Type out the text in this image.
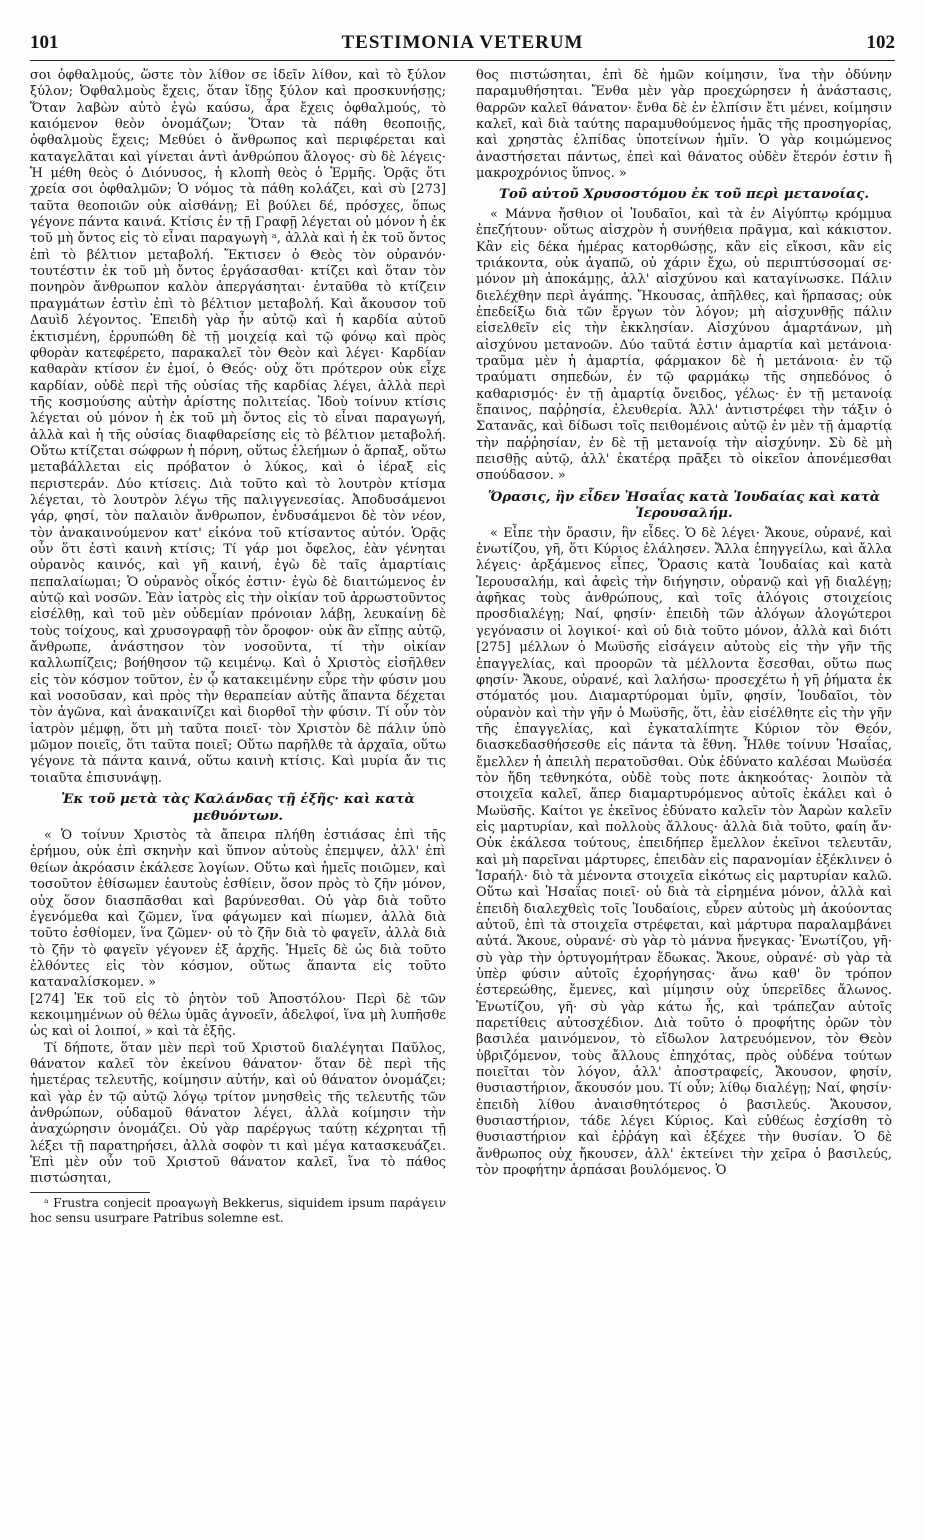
101	TESTIMONIA VETERUM	102

σοι ὀφθαλμούς, ὥστε τὸν λίθον σε ἰδεῖν λίθον, καὶ τὸ ξύλον ξύλον; Ὀφθαλμοὺς ἔχεις, ὅταν ἴδῃς ξύλον καὶ προσκυνήσῃς; Ὅταν λαβὼν αὐτὸ ἐγὼ καύσω, ἆρα ἔχεις ὀφθαλμούς, τὸ καιόμενον θεὸν ὀνομάζων; Ὅταν τὰ πάθη θεοποιῇς, ὀφθαλμοὺς ἔχεις; Μεθύει ὁ ἄνθρωπος καὶ περιφέρεται καὶ καταγελᾶται καὶ γίνεται ἀντὶ ἀνθρώπου ἄλογος· σὺ δὲ λέγεις· Ἡ μέθη θεὸς ὁ Διόνυσος, ἡ κλοπὴ θεὸς ὁ Ἑρμῆς. Ὁρᾷς ὅτι χρεία σοι ὀφθαλμῶν; Ὁ νόμος τὰ πάθη κολάζει, καὶ σὺ [273] ταῦτα θεοποιῶν οὐκ αἰσθάνῃ; Εἰ βούλει δέ, πρόσχες, ὅπως γέγονε πάντα καινά. Κτίσις ἐν τῇ Γραφῇ λέγεται οὐ μόνον ἡ ἐκ τοῦ μὴ ὄντος εἰς τὸ εἶναι παραγωγὴ ᵃ, ἀλλὰ καὶ ἡ ἐκ τοῦ ὄντος ἐπὶ τὸ βέλτιον μεταβολή. Ἔκτισεν ὁ Θεὸς τὸν οὐρανόν· τουτέστιν ἐκ τοῦ μὴ ὄντος ἐργάσασθαι· κτίζει καὶ ὅταν τὸν πονηρὸν ἄνθρωπον καλὸν ἀπεργάσηται· ἐνταῦθα τὸ κτίζειν πραγμάτων ἐστὶν ἐπὶ τὸ βέλτιον μεταβολή. Καὶ ἄκουσον τοῦ Δαυὶδ λέγοντος. Ἐπειδὴ γὰρ ἦν αὐτῷ καὶ ἡ καρδία αὐτοῦ ἐκτισμένη, ἐρρυπώθη δὲ τῇ μοιχείᾳ καὶ τῷ φόνῳ καὶ πρὸς φθορὰν κατεφέρετο, παρακαλεῖ τὸν Θεὸν καὶ λέγει· Καρδίαν καθαρὰν κτίσον ἐν ἐμοί, ὁ Θεός· οὐχ ὅτι πρότερον οὐκ εἶχε καρδίαν, οὐδὲ περὶ τῆς οὐσίας τῆς καρδίας λέγει, ἀλλὰ περὶ τῆς κοσμούσης αὐτὴν ἀρίστης πολιτείας. Ἰδοὺ τοίνυν κτίσις λέγεται οὐ μόνον ἡ ἐκ τοῦ μὴ ὄντος εἰς τὸ εἶναι παραγωγή, ἀλλὰ καὶ ἡ τῆς οὐσίας διαφθαρείσης εἰς τὸ βέλτιον μεταβολή. Οὕτω κτίζεται σώφρων ἡ πόρνη, οὕτως ἐλεήμων ὁ ἅρπαξ, οὕτω μεταβάλλεται εἰς πρόβατον ὁ λύκος, καὶ ὁ ἱέραξ εἰς περιστεράν. Δύο κτίσεις. Διὰ τοῦτο καὶ τὸ λουτρὸν κτίσμα λέγεται, τὸ λουτρὸν λέγω τῆς παλιγγενεσίας. Ἀποδυσάμενοι γάρ, φησί, τὸν παλαιὸν ἄνθρωπον, ἐνδυσάμενοι δὲ τὸν νέον, τὸν ἀνακαινούμενον κατ' εἰκόνα τοῦ κτίσαντος αὐτόν. Ὁρᾷς οὖν ὅτι ἐστὶ καινὴ κτίσις; Τί γάρ μοι ὄφελος, ἐὰν γένηται οὐρανὸς καινός, καὶ γῆ καινή, ἐγὼ δὲ ταῖς ἁμαρτίαις πεπαλαίωμαι; Ὁ οὐρανὸς οἶκός ἐστιν· ἐγὼ δὲ διαιτώμενος ἐν αὐτῷ καὶ νοσῶν. Ἐὰν ἰατρὸς εἰς τὴν οἰκίαν τοῦ ἀρρωστοῦντος εἰσέλθῃ, καὶ τοῦ μὲν οὐδεμίαν πρόνοιαν λάβῃ, λευκαίνῃ δὲ τοὺς τοίχους, καὶ χρυσογραφῇ τὸν ὄροφον· οὐκ ἂν εἴπῃς αὐτῷ, ἄνθρωπε, ἀνάστησον τὸν νοσοῦντα, τί τὴν οἰκίαν καλλωπίζεις; βοήθησον τῷ κειμένῳ. Καὶ ὁ Χριστὸς εἰσῆλθεν εἰς τὸν κόσμον τοῦτον, ἐν ᾧ κατακειμένην εὗρε τὴν φύσιν μου καὶ νοσοῦσαν, καὶ πρὸς τὴν θεραπείαν αὐτῆς ἅπαντα δέχεται τὸν ἀγῶνα, καὶ ἀνακαινίζει καὶ διορθοῖ τὴν φύσιν. Τί οὖν τὸν ἰατρὸν μέμφῃ, ὅτι μὴ ταῦτα ποιεῖ· τὸν Χριστὸν δὲ πάλιν ὑπὸ μῶμον ποιεῖς, ὅτι ταῦτα ποιεῖ; Οὕτω παρῆλθε τὰ ἀρχαῖα, οὕτω γέγονε τὰ πάντα καινά, οὕτω καινὴ κτίσις. Καὶ μυρία ἄν τις τοιαῦτα ἐπισυνάψῃ.

Ἐκ τοῦ μετὰ τὰς Καλάνδας τῇ ἑξῆς· καὶ κατὰ μεθυόντων.

« Ὁ τοίνυν Χριστὸς τὰ ἄπειρα πλήθη ἑστιάσας ἐπὶ τῆς ἐρήμου, οὐκ ἐπὶ σκηνὴν καὶ ὕπνον αὐτοὺς ἐπεμψεν, ἀλλ' ἐπὶ θείων ἀκρόασιν ἐκάλεσε λογίων. Οὕτω καὶ ἡμεῖς ποιῶμεν, καὶ τοσοῦτον ἐθίσωμεν ἑαυτοὺς ἐσθίειν, ὅσον πρὸς τὸ ζῆν μόνον, οὐχ ὅσον διασπᾶσθαι καὶ βαρύνεσθαι. Οὐ γὰρ διὰ τοῦτο ἐγενόμεθα καὶ ζῶμεν, ἵνα φάγωμεν καὶ πίωμεν, ἀλλὰ διὰ τοῦτο ἐσθίομεν, ἵνα ζῶμεν· οὐ τὸ ζῆν διὰ τὸ φαγεῖν, ἀλλὰ διὰ τὸ ζῆν τὸ φαγεῖν γέγονεν ἐξ ἀρχῆς. Ἡμεῖς δὲ ὡς διὰ τοῦτο ἐλθόντες εἰς τὸν κόσμον, οὕτως ἅπαντα εἰς τοῦτο καταναλίσκομεν. »

[274] Ἐκ τοῦ εἰς τὸ ῥητὸν τοῦ Ἀποστόλου· Περὶ δὲ τῶν κεκοιμημένων οὐ θέλω ὑμᾶς ἀγνοεῖν, ἀδελφοί, ἵνα μὴ λυπῆσθε ὡς καὶ οἱ λοιποί, » καὶ τὰ ἑξῆς.

Τί δήποτε, ὅταν μὲν περὶ τοῦ Χριστοῦ διαλέγηται Παῦλος, θάνατον καλεῖ τὸν ἐκείνου θάνατον· ὅταν δὲ περὶ τῆς ἡμετέρας τελευτῆς, κοίμησιν αὐτήν, καὶ οὐ θάνατον ὀνομάζει; καὶ γὰρ ἐν τῷ αὐτῷ λόγῳ τρίτον μνησθεὶς τῆς τελευτῆς τῶν ἀνθρώπων, οὐδαμοῦ θάνατον λέγει, ἀλλὰ κοίμησιν τὴν ἀναχώρησιν ὀνομάζει. Οὐ γὰρ παρέργως ταύτῃ κέχρηται τῇ λέξει τῇ παρατηρήσει, ἀλλὰ σοφὸν τι καὶ μέγα κατασκευάζει. Ἐπὶ μὲν οὖν τοῦ Χριστοῦ θάνατον καλεῖ, ἵνα τὸ πάθος πιστώσηται,

ᵃ Frustra conjecit προαγωγὴ Bekkerus, siquidem ipsum παράγειν hoc sensu usurpare Patribus solemne est.

θος πιστώσηται, ἐπὶ δὲ ἡμῶν κοίμησιν, ἵνα τὴν ὀδύνην παραμυθήσηται. Ἔνθα μὲν γὰρ προεχώρησεν ἡ ἀνάστασις, θαρρῶν καλεῖ θάνατον· ἔνθα δὲ ἐν ἐλπίσιν ἔτι μένει, κοίμησιν καλεῖ, καὶ διὰ ταύτης παραμυθούμενος ἡμᾶς τῆς προσηγορίας, καὶ χρηστὰς ἐλπίδας ὑποτείνων ἡμῖν. Ὁ γὰρ κοιμώμενος ἀναστήσεται πάντως, ἐπεὶ καὶ θάνατος οὐδὲν ἕτερόν ἐστιν ἢ μακροχρόνιος ὕπνος. »

Τοῦ αὐτοῦ Χρυσοστόμου ἐκ τοῦ περὶ μετανοίας.

« Μάννα ἤσθιον οἱ Ἰουδαῖοι, καὶ τὰ ἐν Αἰγύπτῳ κρόμμυα ἐπεζήτουν· οὕτως αἰσχρὸν ἡ συνήθεια πρᾶγμα, καὶ κάκιστον. Κἂν εἰς δέκα ἡμέρας κατορθώσῃς, κἂν εἰς εἴκοσι, κἂν εἰς τριάκοντα, οὐκ ἀγαπῶ, οὐ χάριν ἔχω, οὐ περιπτύσσομαί σε· μόνον μὴ ἀποκάμῃς, ἀλλ' αἰσχύνου καὶ καταγίνωσκε. Πάλιν διελέχθην περὶ ἀγάπης. Ἤκουσας, ἀπῆλθες, καὶ ἥρπασας; οὐκ ἐπεδείξω διὰ τῶν ἔργων τὸν λόγον; μὴ αἰσχυνθῇς πάλιν εἰσελθεῖν εἰς τὴν ἐκκλησίαν. Αἰσχύνου ἁμαρτάνων, μὴ αἰσχύνου μετανοῶν. Δύο ταῦτά ἐστιν ἁμαρτία καὶ μετάνοια· τραῦμα μὲν ἡ ἁμαρτία, φάρμακον δὲ ἡ μετάνοια· ἐν τῷ τραύματι σηπεδών, ἐν τῷ φαρμάκῳ τῆς σηπεδόνος ὁ καθαρισμός· ἐν τῇ ἁμαρτίᾳ ὄνειδος, γέλως· ἐν τῇ μετανοίᾳ ἔπαινος, παῤῥησία, ἐλευθερία. Ἀλλ' ἀντιστρέφει τὴν τάξιν ὁ Σατανᾶς, καὶ δίδωσι τοῖς πειθομένοις αὐτῷ ἐν μὲν τῇ ἁμαρτίᾳ τὴν παῤῥησίαν, ἐν δὲ τῇ μετανοίᾳ τὴν αἰσχύνην. Σὺ δὲ μὴ πεισθῇς αὐτῷ, ἀλλ' ἑκατέρᾳ πρᾶξει τὸ οἰκεῖον ἀπονέμεσθαι σπούδασον. »

Ὅρασις, ἣν εἶδεν Ἠσαΐας κατὰ Ἰουδαίας καὶ κατὰ Ἱερουσαλήμ.

« Εἶπε τὴν ὅρασιν, ἣν εἶδες. Ὁ δὲ λέγει· Ἄκουε, οὐρανέ, καὶ ἐνωτίζου, γῆ, ὅτι Κύριος ἐλάλησεν. Ἄλλα ἐπηγγείλω, καὶ ἄλλα λέγεις· ἀρξάμενος εἶπες, Ὅρασις κατὰ Ἰουδαίας καὶ κατὰ Ἱερουσαλήμ, καὶ ἀφεὶς τὴν διήγησιν, οὐρανῷ καὶ γῇ διαλέγῃ; ἀφῆκας τοὺς ἀνθρώπους, καὶ τοῖς ἀλόγοις στοιχείοις προσδιαλέγῃ; Ναί, φησίν· ἐπειδὴ τῶν ἀλόγων ἀλογώτεροι γεγόνασιν οἱ λογικοί· καὶ οὐ διὰ τοῦτο μόνον, ἀλλὰ καὶ διότι [275] μέλλων ὁ Μωϋσῆς εἰσάγειν αὐτοὺς εἰς τὴν γῆν τῆς ἐπαγγελίας, καὶ προορῶν τὰ μέλλοντα ἔσεσθαι, οὕτω πως φησίν· Ἄκουε, οὐρανέ, καὶ λαλήσω· προσεχέτω ἡ γῆ ῥήματα ἐκ στόματός μου. Διαμαρτύρομαι ὑμῖν, φησίν, Ἰουδαῖοι, τὸν οὐρανὸν καὶ τὴν γῆν ὁ Μωϋσῆς, ὅτι, ἐὰν εἰσέλθητε εἰς τὴν γῆν τῆς ἐπαγγελίας, καὶ ἐγκαταλίπητε Κύριον τὸν Θεόν, διασκεδασθήσεσθε εἰς πάντα τὰ ἔθνη. Ἦλθε τοίνυν Ἠσαΐας, ἔμελλεν ἡ ἀπειλὴ περατοῦσθαι. Οὐκ ἐδύνατο καλέσαι Μωϋσέα τὸν ἤδη τεθνηκότα, οὐδὲ τοὺς ποτε ἀκηκοότας· λοιπὸν τὰ στοιχεῖα καλεῖ, ἅπερ διαμαρτυρόμενος αὐτοῖς ἐκάλει καὶ ὁ Μωϋσῆς. Καίτοι γε ἐκεῖνος ἐδύνατο καλεῖν τὸν Ἀαρὼν καλεῖν εἰς μαρτυρίαν, καὶ πολλοὺς ἄλλους· ἀλλὰ διὰ τοῦτο, φαίη ἄν· Οὐκ ἐκάλεσα τούτους, ἐπειδήπερ ἔμελλον ἐκεῖνοι τελευτᾶν, καὶ μὴ παρεῖναι μάρτυρες, ἐπειδὰν εἰς παρανομίαν ἐξέκλινεν ὁ Ἰσραήλ· διὸ τὰ μένοντα στοιχεῖα εἰκότως εἰς μαρτυρίαν καλῶ. Οὕτω καὶ Ἠσαΐας ποιεῖ· οὐ διὰ τὰ εἰρημένα μόνον, ἀλλὰ καὶ ἐπειδὴ διαλεχθεὶς τοῖς Ἰουδαίοις, εὗρεν αὐτοὺς μὴ ἀκούοντας αὐτοῦ, ἐπὶ τὰ στοιχεῖα στρέφεται, καὶ μάρτυρα παραλαμβάνει αὐτά. Ἄκουε, οὐρανέ· σὺ γὰρ τὸ μάννα ἤνεγκας· Ἐνωτίζου, γῆ· σὺ γὰρ τὴν ὀρτυγομήτραν ἔδωκας. Ἄκουε, οὐρανέ· σὺ γὰρ τὰ ὑπὲρ φύσιν αὐτοῖς ἐχορήγησας· ἄνω καθ' ὃν τρόπον ἐστερεώθης, ἔμενες, καὶ μίμησιν οὐχ ὑπερεῖδες ἄλωνος. Ἐνωτίζου, γῆ· σὺ γὰρ κάτω ἦς, καὶ τράπεζαν αὐτοῖς παρετίθεις αὐτοσχέδιον. Διὰ τοῦτο ὁ προφήτης ὁρῶν τὸν βασιλέα μαινόμενον, τὸ εἴδωλον λατρευόμενον, τὸν Θεὸν ὑβριζόμενον, τοὺς ἄλλους ἐπηχότας, πρὸς οὐδένα τούτων ποιεῖται τὸν λόγον, ἀλλ' ἀποστραφείς, Ἄκουσον, φησίν, θυσιαστήριον, ἄκουσόν μου. Τί οὖν; λίθῳ διαλέγῃ; Ναί, φησίν· ἐπειδὴ λίθου ἀναισθητότερος ὁ βασιλεύς. Ἄκουσον, θυσιαστήριον, τάδε λέγει Κύριος. Καὶ εὐθέως ἐσχίσθη τὸ θυσιαστήριον καὶ ἐῤῥάγη καὶ ἐξέχεε τὴν θυσίαν. Ὁ δὲ ἄνθρωπος οὐχ ἤκουσεν, ἀλλ' ἐκτείνει τὴν χεῖρα ὁ βασιλεύς, τὸν προφήτην ἁρπάσαι βουλόμενος. Ὁ
